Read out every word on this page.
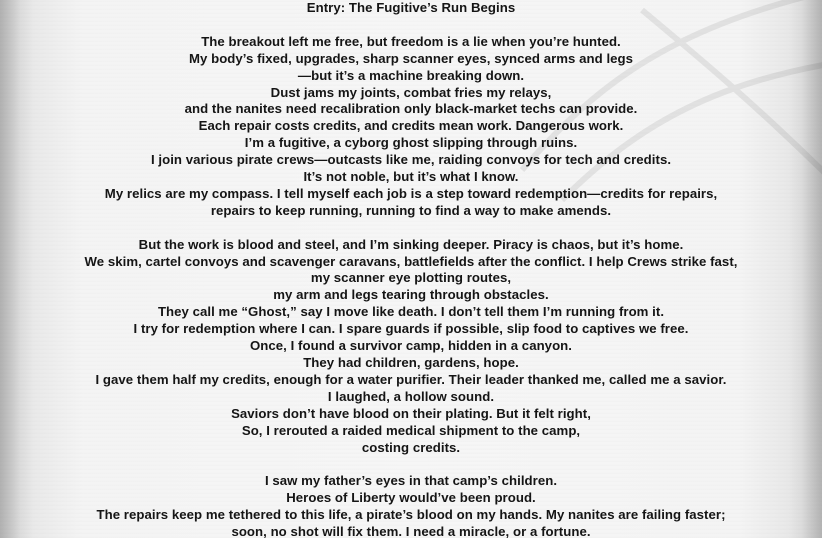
Entry: The Fugitive’s Run Begins
The breakout left me free, but freedom is a lie when you’re hunted.
My body’s fixed, upgrades, sharp scanner eyes, synced arms and legs
—but it’s a machine breaking down.
Dust jams my joints, combat fries my relays,
and the nanites need recalibration only black-market techs can provide.
Each repair costs credits, and credits mean work. Dangerous work.
I’m a fugitive, a cyborg ghost slipping through ruins.
I join various pirate crews—outcasts like me, raiding convoys for tech and credits.
It’s not noble, but it’s what I know.
My relics are my compass. I tell myself each job is a step toward redemption—credits for repairs,
repairs to keep running, running to find a way to make amends.
But the work is blood and steel, and I’m sinking deeper. Piracy is chaos, but it’s home.
We skim, cartel convoys and scavenger caravans, battlefields after the conflict. I help Crews strike fast,
my scanner eye plotting routes,
my arm and legs tearing through obstacles.
They call me “Ghost,” say I move like death. I don’t tell them I’m running from it.
I try for redemption where I can. I spare guards if possible, slip food to captives we free.
Once, I found a survivor camp, hidden in a canyon.
They had children, gardens, hope.
I gave them half my credits, enough for a water purifier. Their leader thanked me, called me a savior.
I laughed, a hollow sound.
Saviors don’t have blood on their plating. But it felt right,
So, I rerouted a raided medical shipment to the camp,
costing credits.
I saw my father’s eyes in that camp’s children.
Heroes of Liberty would’ve been proud.
The repairs keep me tethered to this life, a pirate’s blood on my hands. My nanites are failing faster;
soon, no shot will fix them. I need a miracle, or a fortune.
